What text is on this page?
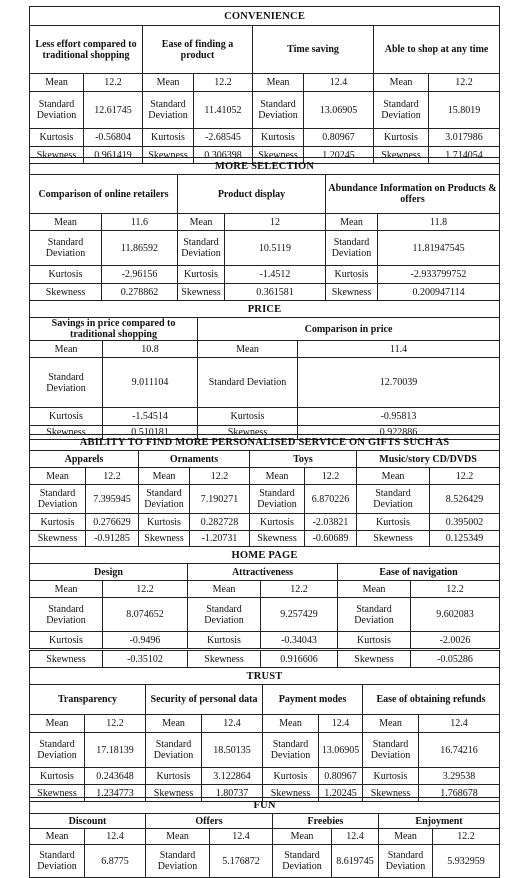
CONVENIENCE							
Less effort compared to traditional shopping		Ease of finding a product		Time saving		Able to shop at any time	
Mean	12.2	Mean	12.2	Mean	12.4	Mean	12.2
Standard Deviation	12.61745	Standard Deviation	11.41052	Standard Deviation	13.06905	Standard Deviation	15.8019
Kurtosis	-0.56804	Kurtosis	-2.68545	Kurtosis	0.80967	Kurtosis	3.017986
Skewness	0.961419	Skewness	0.306398	Skewness	1.20245	Skewness	1.714054
MORE SELECTION					
Comparison of online retailers		Product display		Abundance Information on Products & offers	
Mean	11.6	Mean	12	Mean	11.8
Standard Deviation	11.86592	Standard Deviation	10.5119	Standard Deviation	11.81947545
Kurtosis	-2.96156	Kurtosis	-1.4512	Kurtosis	-2.933799752
Skewness	0.278862	Skewness	0.361581	Skewness	0.200947114
PRICE			
Savings in price compared to traditional shopping		Comparison in price	
Mean	10.8	Mean	11.4
Standard Deviation	9.011104	Standard Deviation	12.70039
Kurtosis	-1.54514	Kurtosis	-0.95813
Skewness	0.510181	Skewness	0.922886
ABILITY TO FIND MORE PERSONALISED SERVICE ON GIFTS SUCH AS							
Apparels		Ornaments		Toys		Music/story CD/DVDS	
Mean	12.2	Mean	12.2	Mean	12.2	Mean	12.2
Standard Deviation	7.395945	Standard Deviation	7.190271	Standard Deviation	6.870226	Standard Deviation	8.526429
Kurtosis	0.276629	Kurtosis	0.282728	Kurtosis	-2.03821	Kurtosis	0.395002
Skewness	-0.91285	Skewness	-1.20731	Skewness	-0.60689	Skewness	0.125349
HOME PAGE					
Design		Attractiveness		Ease of navigation	
Mean	12.2	Mean	12.2	Mean	12.2
Standard Deviation	8.074652	Standard Deviation	9.257429	Standard Deviation	9.602083
Kurtosis	-0.9496	Kurtosis	-0.34043	Kurtosis	-2.0026
Skewness	-0.35102	Skewness	0.916606	Skewness	-0.05286
TRUST							
Transparency		Security of personal data		Payment modes		Ease of obtaining refunds	
Mean	12.2	Mean	12.4	Mean	12.4	Mean	12.4
Standard Deviation	17.18139	Standard Deviation	18.50135	Standard Deviation	13.06905	Standard Deviation	16.74216
Kurtosis	0.243648	Kurtosis	3.122864	Kurtosis	0.80967	Kurtosis	3.29538
Skewness	1.234773	Skewness	1.80737	Skewness	1.20245	Skewness	1.768678
FUN							
Discount		Offers		Freebies		Enjoyment	
Mean	12.4	Mean	12.4	Mean	12.4	Mean	12.2
Standard Deviation	6.8775	Standard Deviation	5.176872	Standard Deviation	8.619745	Standard Deviation	5.932959
